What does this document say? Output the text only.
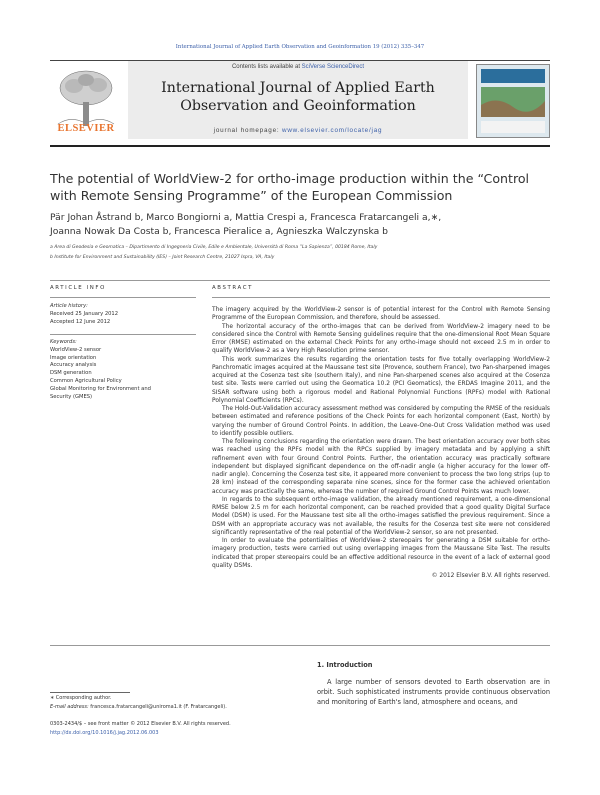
International Journal of Applied Earth Observation and Geoinformation 19 (2012) 335–347
ELSEVIER
Contents lists available at SciVerse ScienceDirect
International Journal of Applied Earth Observation and Geoinformation
journal homepage: www.elsevier.com/locate/jag
The potential of WorldView-2 for ortho-image production within the “Control with Remote Sensing Programme” of the European Commission
Pär Johan Åstrand b, Marco Bongiorni a, Mattia Crespi a, Francesca Fratarcangeli a,∗,
Joanna Nowak Da Costa b, Francesca Pieralice a, Agnieszka Walczynska b
a Area di Geodesia e Geomatica – Dipartimento di Ingegneria Civile, Edile e Ambientale, Università di Roma “La Sapienza”, 00184 Rome, Italy
b Institute for Environment and Sustainability (IES) – Joint Research Centre, 21027 Ispra, VA, Italy
ARTICLE INFO	ABSTRACT
Article history:
Received 25 January 2012
Accepted 12 June 2012
Keywords:
WorldView-2 sensor
Image orientation
Accuracy analysis
DSM generation
Common Agricultural Policy
Global Monitoring for Environment and
Security (GMES)

The imagery acquired by the WorldView-2 sensor is of potential interest for the Control with Remote Sensing Programme of the European Commission, and therefore, should be assessed.

The horizontal accuracy of the ortho-images that can be derived from WorldView-2 imagery need to be considered since the Control with Remote Sensing guidelines require that the one-dimensional Root Mean Square Error (RMSE) estimated on the external Check Points for any ortho-image should not exceed 2.5 m in order to qualify WorldView-2 as a Very High Resolution prime sensor.

This work summarizes the results regarding the orientation tests for five totally overlapping WorldView-2 Panchromatic images acquired at the Maussane test site (Provence, southern France), two Pan-sharpened images acquired at the Cosenza test site (southern Italy), and nine Pan-sharpened scenes also acquired at the Cosenza test site. Tests were carried out using the Geomatica 10.2 (PCI Geomatics), the ERDAS Imagine 2011, and the SISAR software using both a rigorous model and Rational Polynomial Functions (RPFs) model with Rational Polynomial Coefficients (RPCs).

The Hold-Out-Validation accuracy assessment method was considered by computing the RMSE of the residuals between estimated and reference positions of the Check Points for each horizontal component (East, North) by varying the number of Ground Control Points. In addition, the Leave-One-Out Cross Validation method was used to identify possible outliers.

The following conclusions regarding the orientation were drawn. The best orientation accuracy over both sites was reached using the RPFs model with the RPCs supplied by imagery metadata and by applying a shift refinement even with four Ground Control Points. Further, the orientation accuracy was practically software independent but displayed significant dependence on the off-nadir angle (a higher accuracy for the lower off-nadir angle). Concerning the Cosenza test site, it appeared more convenient to process the two long strips (up to 28 km) instead of the corresponding separate nine scenes, since for the former case the achieved orientation accuracy was practically the same, whereas the number of required Ground Control Points was much lower.

In regards to the subsequent ortho-image validation, the already mentioned requirement, a one-dimensional RMSE below 2.5 m for each horizontal component, can be reached provided that a good quality Digital Surface Model (DSM) is used. For the Maussane test site all the ortho-images satisfied the previous requirement. Since a DSM with an appropriate accuracy was not available, the results for the Cosenza test site were not considered significantly representative of the real potential of the WorldView-2 sensor, so are not presented.

In order to evaluate the potentialities of WorldView-2 stereopairs for generating a DSM suitable for ortho-imagery production, tests were carried out using overlapping images from the Maussane Site Test. The results indicated that proper stereopairs could be an effective additional resource in the event of a lack of external good quality DSMs.

© 2012 Elsevier B.V. All rights reserved.

1. Introduction
A large number of sensors devoted to Earth observation are in orbit. Such sophisticated instruments provide continuous observation and monitoring of Earth's land, atmosphere and oceans, and
∗ Corresponding author.
E-mail address: francesca.fratarcangeli@uniroma1.it (F. Fratarcangeli).
0303-2434/$ – see front matter © 2012 Elsevier B.V. All rights reserved.
http://dx.doi.org/10.1016/j.jag.2012.06.003
